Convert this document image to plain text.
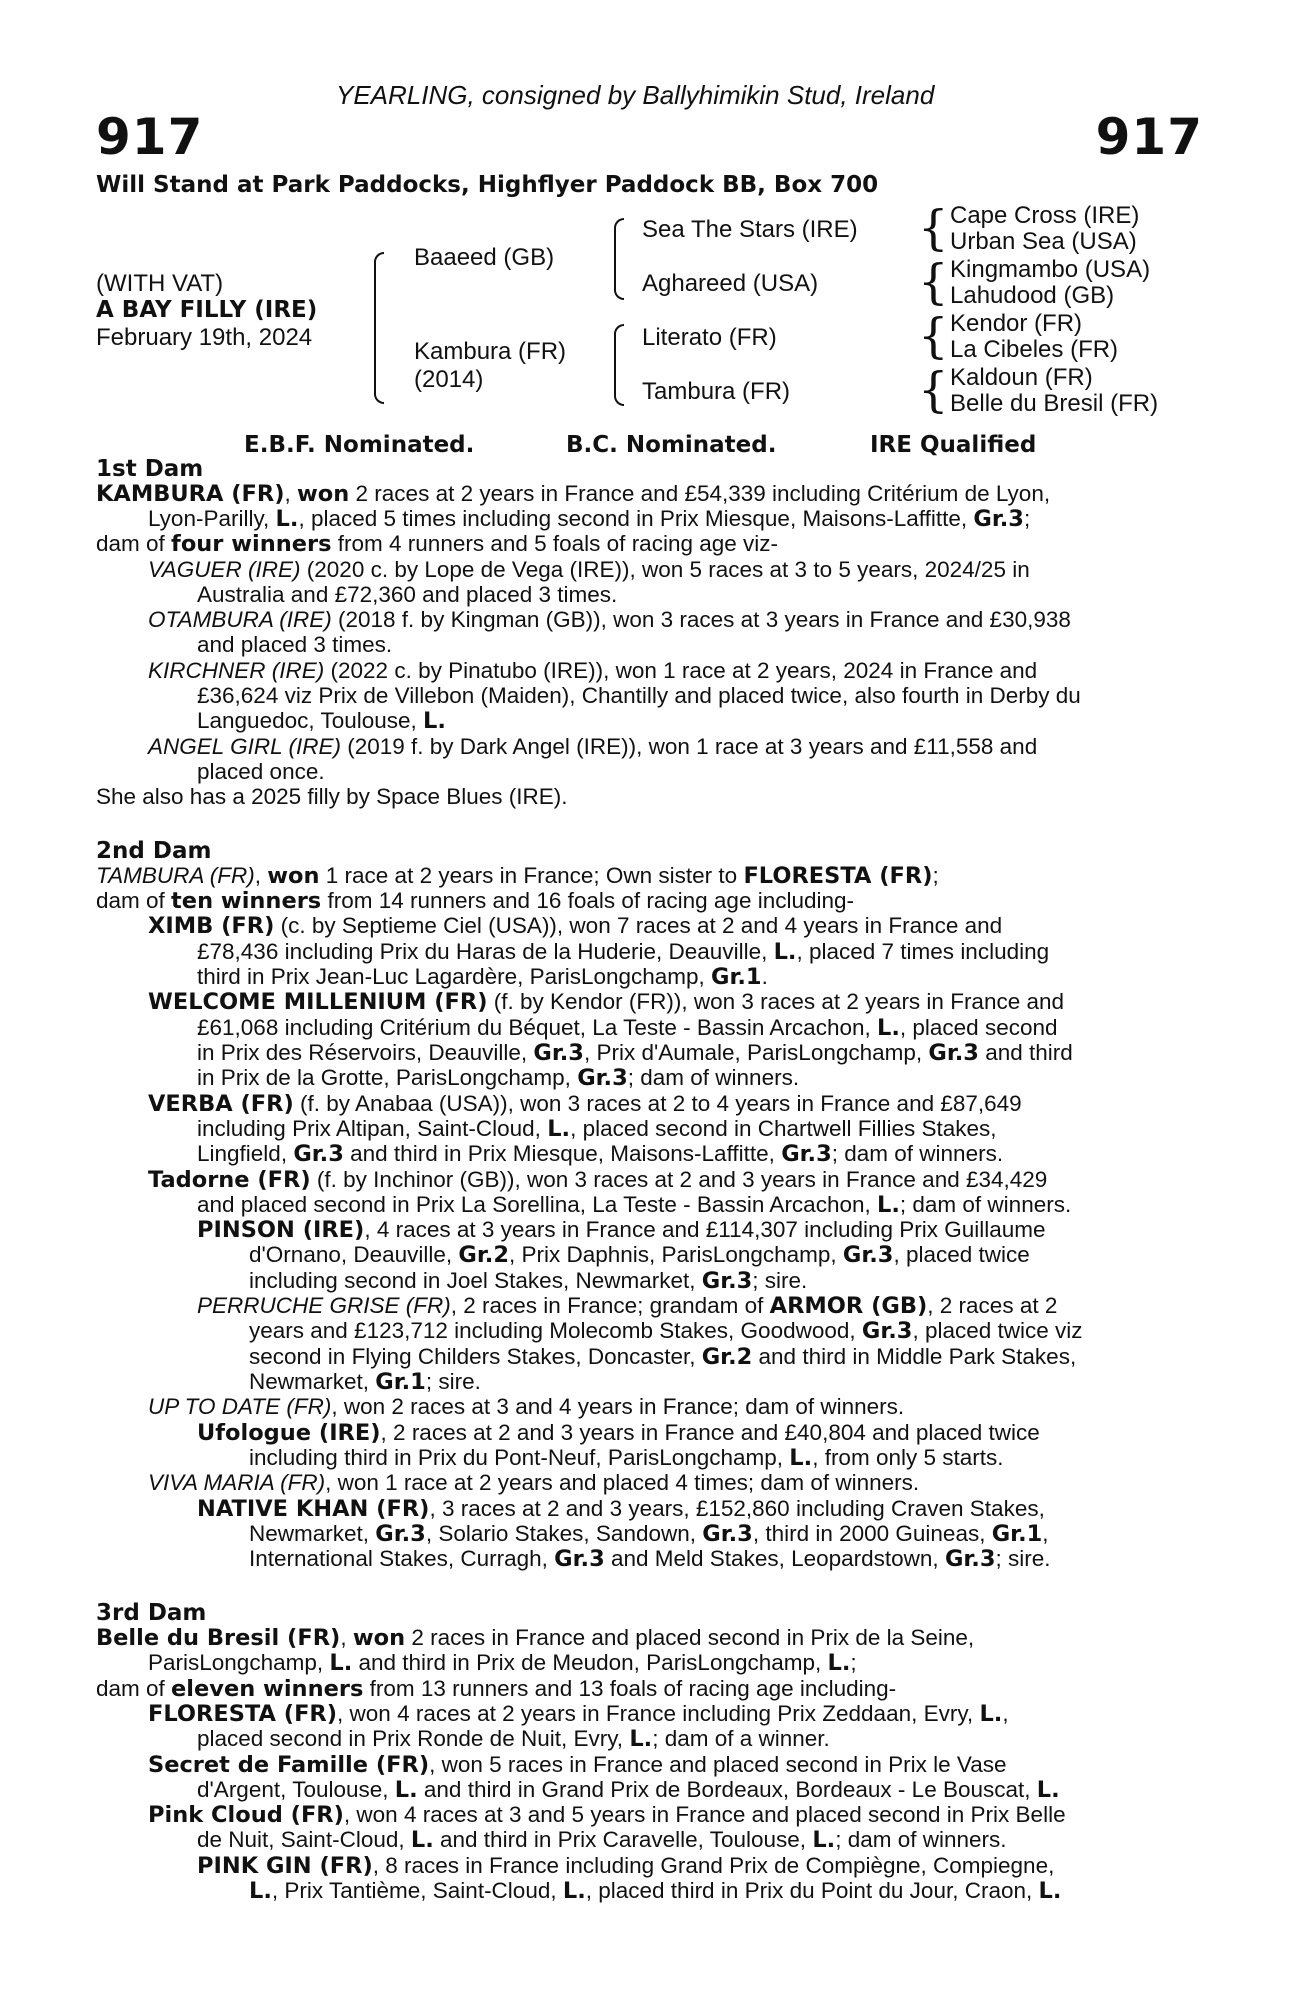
917	917
YEARLING, consigned by Ballyhimikin Stud, Ireland
Will Stand at Park Paddocks, Highflyer Paddock BB, Box 700
(WITH VAT)
A BAY FILLY (IRE)
February 19th, 2024
Baaeed (GB)
Kambura (FR)
(2014)
Sea The Stars (IRE)
Aghareed (USA)
Literato (FR)
Tambura (FR)
{
{
{
{
Cape Cross (IRE)
Urban Sea (USA)
Kingmambo (USA)
Lahudood (GB)
Kendor (FR)
La Cibeles (FR)
Kaldoun (FR)
Belle du Bresil (FR)
E.B.F. Nominated.	B.C. Nominated.	IRE Qualified
1st Dam
KAMBURA (FR), won 2 races at 2 years in France and £54,339 including Critérium de Lyon,
Lyon-Parilly, L., placed 5 times including second in Prix Miesque, Maisons-Laffitte, Gr.3;
dam of four winners from 4 runners and 5 foals of racing age viz-
VAGUER (IRE) (2020 c. by Lope de Vega (IRE)), won 5 races at 3 to 5 years, 2024/25 in
Australia and £72,360 and placed 3 times.
OTAMBURA (IRE) (2018 f. by Kingman (GB)), won 3 races at 3 years in France and £30,938
and placed 3 times.
KIRCHNER (IRE) (2022 c. by Pinatubo (IRE)), won 1 race at 2 years, 2024 in France and
£36,624 viz Prix de Villebon (Maiden), Chantilly and placed twice, also fourth in Derby du
Languedoc, Toulouse, L.
ANGEL GIRL (IRE) (2019 f. by Dark Angel (IRE)), won 1 race at 3 years and £11,558 and
placed once.
She also has a 2025 filly by Space Blues (IRE).
2nd Dam
TAMBURA (FR), won 1 race at 2 years in France; Own sister to FLORESTA (FR);
dam of ten winners from 14 runners and 16 foals of racing age including-
XIMB (FR) (c. by Septieme Ciel (USA)), won 7 races at 2 and 4 years in France and
£78,436 including Prix du Haras de la Huderie, Deauville, L., placed 7 times including
third in Prix Jean-Luc Lagardère, ParisLongchamp, Gr.1.
WELCOME MILLENIUM (FR) (f. by Kendor (FR)), won 3 races at 2 years in France and
£61,068 including Critérium du Béquet, La Teste - Bassin Arcachon, L., placed second
in Prix des Réservoirs, Deauville, Gr.3, Prix d'Aumale, ParisLongchamp, Gr.3 and third
in Prix de la Grotte, ParisLongchamp, Gr.3; dam of winners.
VERBA (FR) (f. by Anabaa (USA)), won 3 races at 2 to 4 years in France and £87,649
including Prix Altipan, Saint-Cloud, L., placed second in Chartwell Fillies Stakes,
Lingfield, Gr.3 and third in Prix Miesque, Maisons-Laffitte, Gr.3; dam of winners.
Tadorne (FR) (f. by Inchinor (GB)), won 3 races at 2 and 3 years in France and £34,429
and placed second in Prix La Sorellina, La Teste - Bassin Arcachon, L.; dam of winners.
PINSON (IRE), 4 races at 3 years in France and £114,307 including Prix Guillaume
d'Ornano, Deauville, Gr.2, Prix Daphnis, ParisLongchamp, Gr.3, placed twice
including second in Joel Stakes, Newmarket, Gr.3; sire.
PERRUCHE GRISE (FR), 2 races in France; grandam of ARMOR (GB), 2 races at 2
years and £123,712 including Molecomb Stakes, Goodwood, Gr.3, placed twice viz
second in Flying Childers Stakes, Doncaster, Gr.2 and third in Middle Park Stakes,
Newmarket, Gr.1; sire.
UP TO DATE (FR), won 2 races at 3 and 4 years in France; dam of winners.
Ufologue (IRE), 2 races at 2 and 3 years in France and £40,804 and placed twice
including third in Prix du Pont-Neuf, ParisLongchamp, L., from only 5 starts.
VIVA MARIA (FR), won 1 race at 2 years and placed 4 times; dam of winners.
NATIVE KHAN (FR), 3 races at 2 and 3 years, £152,860 including Craven Stakes,
Newmarket, Gr.3, Solario Stakes, Sandown, Gr.3, third in 2000 Guineas, Gr.1,
International Stakes, Curragh, Gr.3 and Meld Stakes, Leopardstown, Gr.3; sire.
3rd Dam
Belle du Bresil (FR), won 2 races in France and placed second in Prix de la Seine,
ParisLongchamp, L. and third in Prix de Meudon, ParisLongchamp, L.;
dam of eleven winners from 13 runners and 13 foals of racing age including-
FLORESTA (FR), won 4 races at 2 years in France including Prix Zeddaan, Evry, L.,
placed second in Prix Ronde de Nuit, Evry, L.; dam of a winner.
Secret de Famille (FR), won 5 races in France and placed second in Prix le Vase
d'Argent, Toulouse, L. and third in Grand Prix de Bordeaux, Bordeaux - Le Bouscat, L.
Pink Cloud (FR), won 4 races at 3 and 5 years in France and placed second in Prix Belle
de Nuit, Saint-Cloud, L. and third in Prix Caravelle, Toulouse, L.; dam of winners.
PINK GIN (FR), 8 races in France including Grand Prix de Compiègne, Compiegne,
L., Prix Tantième, Saint-Cloud, L., placed third in Prix du Point du Jour, Craon, L.
